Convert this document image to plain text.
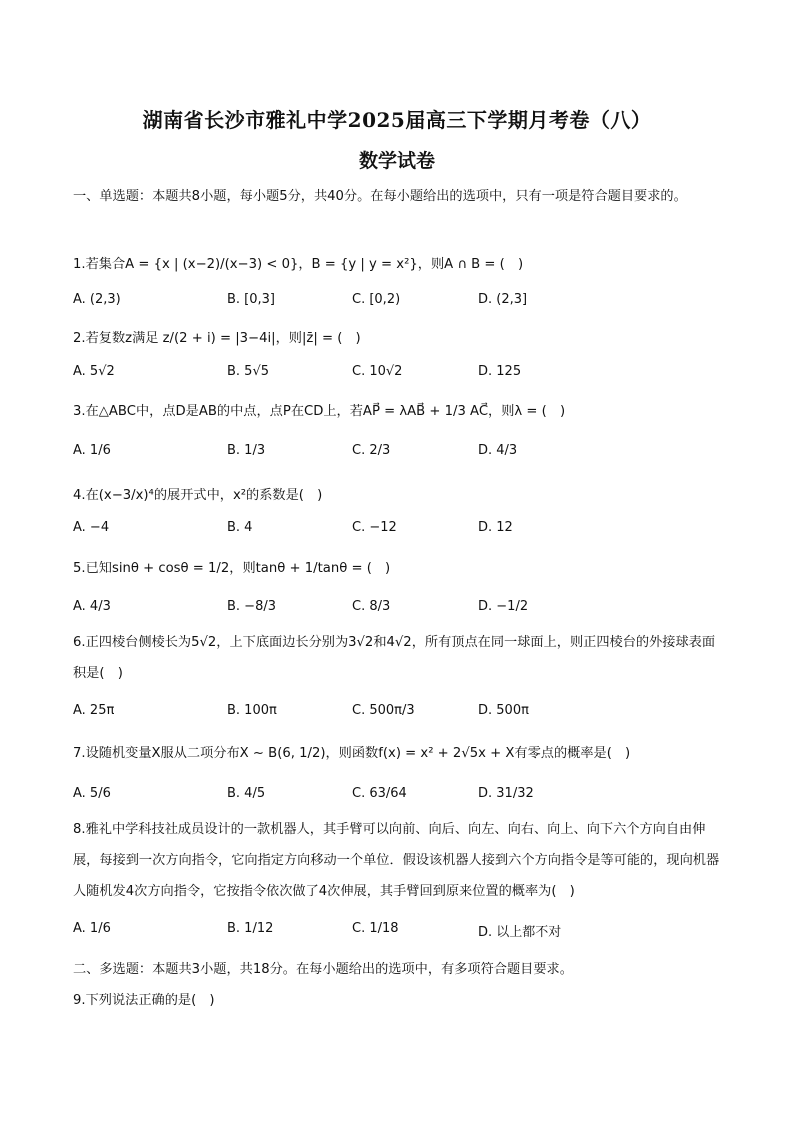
湖南省长沙市雅礼中学2025届高三下学期月考卷（八）
数学试卷
一、单选题：本题共8小题，每小题5分，共40分。在每小题给出的选项中，只有一项是符合题目要求的。
1.若集合A = {x | (x−2)/(x−3) < 0}，B = {y | y = x²}，则A ∩ B = (　)
A. (2,3)	B. [0,3]	C. [0,2)	D. (2,3]
2.若复数z满足 z/(2 + i) = |3−4i|，则|z̄| = (　)
A. 5√2	B. 5√5	C. 10√2	D. 125
3.在△ABC中，点D是AB的中点，点P在CD上，若AP⃗ = λAB⃗ + 1/3 AC⃗，则λ = (　)
A. 1/6	B. 1/3	C. 2/3	D. 4/3
4.在(x−3/x)⁴的展开式中，x²的系数是(　)
A. −4	B. 4	C. −12	D. 12
5.已知sinθ + cosθ = 1/2，则tanθ + 1/tanθ = (　)
A. 4/3	B. −8/3	C. 8/3	D. −1/2
6.正四棱台侧棱长为5√2，上下底面边长分别为3√2和4√2，所有顶点在同一球面上，则正四棱台的外接球表面积是(　)
A. 25π	B. 100π	C. 500π/3	D. 500π
7.设随机变量X服从二项分布X ~ B(6, 1/2)，则函数f(x) = x² + 2√5x + X有零点的概率是(　)
A. 5/6	B. 4/5	C. 63/64	D. 31/32
8.雅礼中学科技社成员设计的一款机器人，其手臂可以向前、向后、向左、向右、向上、向下六个方向自由伸展，每接到一次方向指令，它向指定方向移动一个单位．假设该机器人接到六个方向指令是等可能的，现向机器人随机发4次方向指令，它按指令依次做了4次伸展，其手臂回到原来位置的概率为(　)
A. 1/6	B. 1/12	C. 1/18	D. 以上都不对
二、多选题：本题共3小题，共18分。在每小题给出的选项中，有多项符合题目要求。
9.下列说法正确的是(　)
